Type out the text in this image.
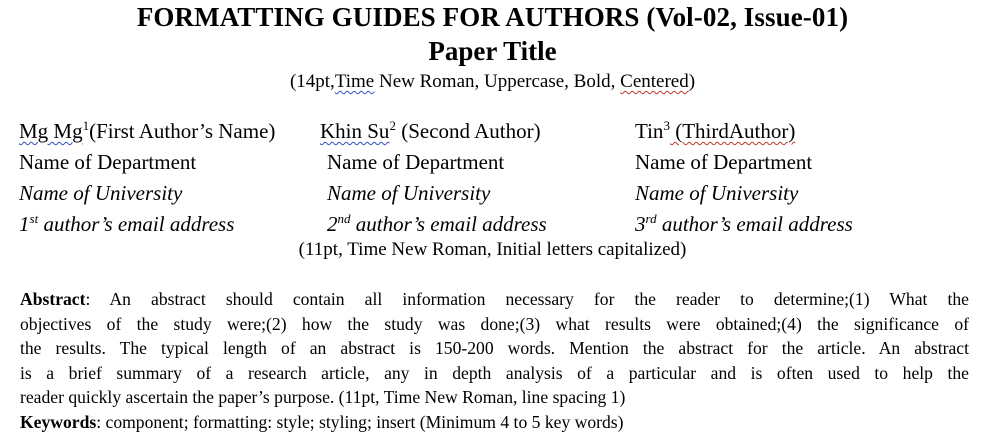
FORMATTING GUIDES FOR AUTHORS (Vol-02, Issue-01)
Paper Title
(14pt,Time New Roman, Uppercase, Bold, Centered)
Mg Mg$^1$(First Author’s Name)
Name of Department
Name of University
1st author’s email address
Khin Su$^2$ (Second Author)
Name of Department
Name of University
2nd author’s email address
Tin$^3$ (ThirdAuthor)
Name of Department
Name of University
3rd author’s email address
(11pt, Time New Roman, Initial letters capitalized)

Abstract: An abstract should contain all information necessary for the reader to determine;(1) What the

objectives of the study were;(2) how the study was done;(3) what results were obtained;(4) the significance of

the results. The typical length of an abstract is 150-200 words. Mention the abstract for the article. An abstract

is a brief summary of a research article, any in depth analysis of a particular and is often used to help the

reader quickly ascertain the paper’s purpose. (11pt, Time New Roman, line spacing 1)

Keywords: component; formatting: style; styling; insert (Minimum 4 to 5 key words)
